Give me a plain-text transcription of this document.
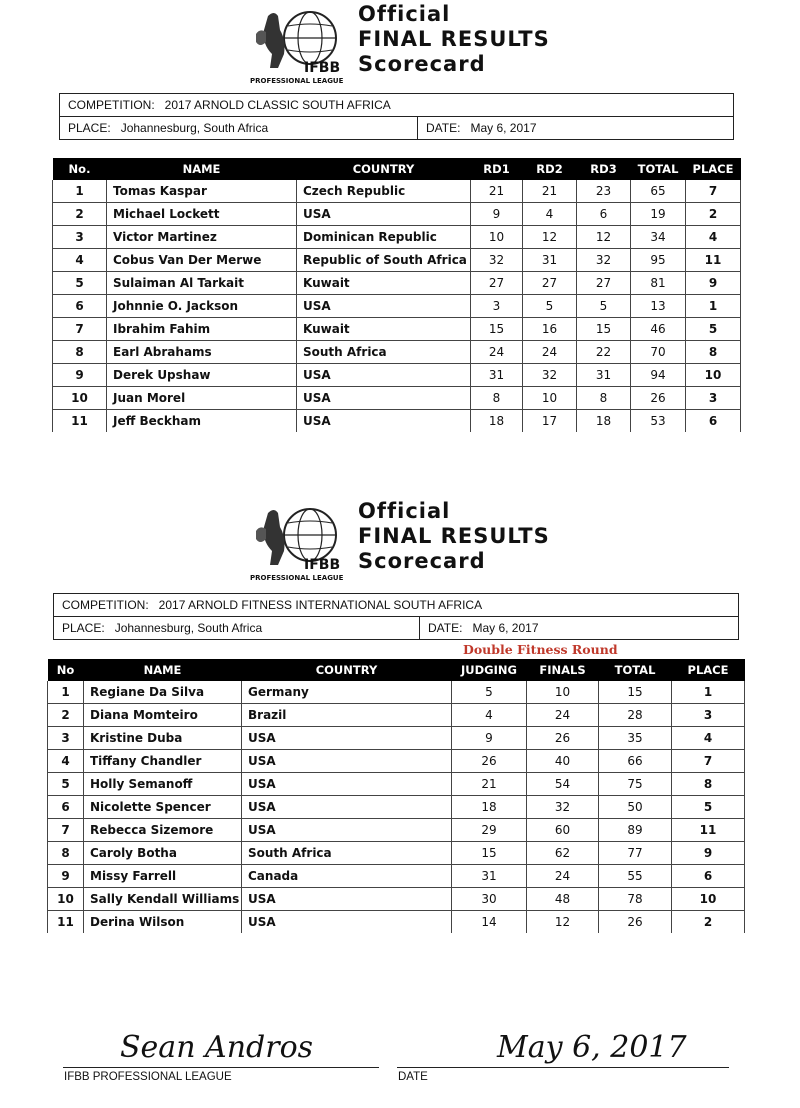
IFBB
PROFESSIONAL LEAGUE
Official
FINAL RESULTS
Scorecard
COMPETITION: 2017 ARNOLD CLASSIC SOUTH AFRICA
PLACE: Johannesburg, South Africa	DATE: May 6, 2017
No.	NAME	COUNTRY	RD1	RD2	RD3	TOTAL	PLACE
1	Tomas Kaspar	Czech Republic	21	21	23	65	7
2	Michael Lockett	USA	9	4	6	19	2
3	Victor Martinez	Dominican Republic	10	12	12	34	4
4	Cobus Van Der Merwe	Republic of South Africa	32	31	32	95	11
5	Sulaiman Al Tarkait	Kuwait	27	27	27	81	9
6	Johnnie O. Jackson	USA	3	5	5	13	1
7	Ibrahim Fahim	Kuwait	15	16	15	46	5
8	Earl Abrahams	South Africa	24	24	22	70	8
9	Derek Upshaw	USA	31	32	31	94	10
10	Juan Morel	USA	8	10	8	26	3
11	Jeff Beckham	USA	18	17	18	53	6
IFBB
PROFESSIONAL LEAGUE
Official
FINAL RESULTS
Scorecard
COMPETITION: 2017 ARNOLD FITNESS INTERNATIONAL SOUTH AFRICA
PLACE: Johannesburg, South Africa	DATE: May 6, 2017
Double Fitness Round
No	NAME	COUNTRY	JUDGING	FINALS	TOTAL	PLACE
1	Regiane Da Silva	Germany	5	10	15	1
2	Diana Momteiro	Brazil	4	24	28	3
3	Kristine Duba	USA	9	26	35	4
4	Tiffany Chandler	USA	26	40	66	7
5	Holly Semanoff	USA	21	54	75	8
6	Nicolette Spencer	USA	18	32	50	5
7	Rebecca Sizemore	USA	29	60	89	11
8	Caroly Botha	South Africa	15	62	77	9
9	Missy Farrell	Canada	31	24	55	6
10	Sally Kendall Williams	USA	30	48	78	10
11	Derina Wilson	USA	14	12	26	2
Sean Andros
IFBB PROFESSIONAL LEAGUE
May 6, 2017
DATE
